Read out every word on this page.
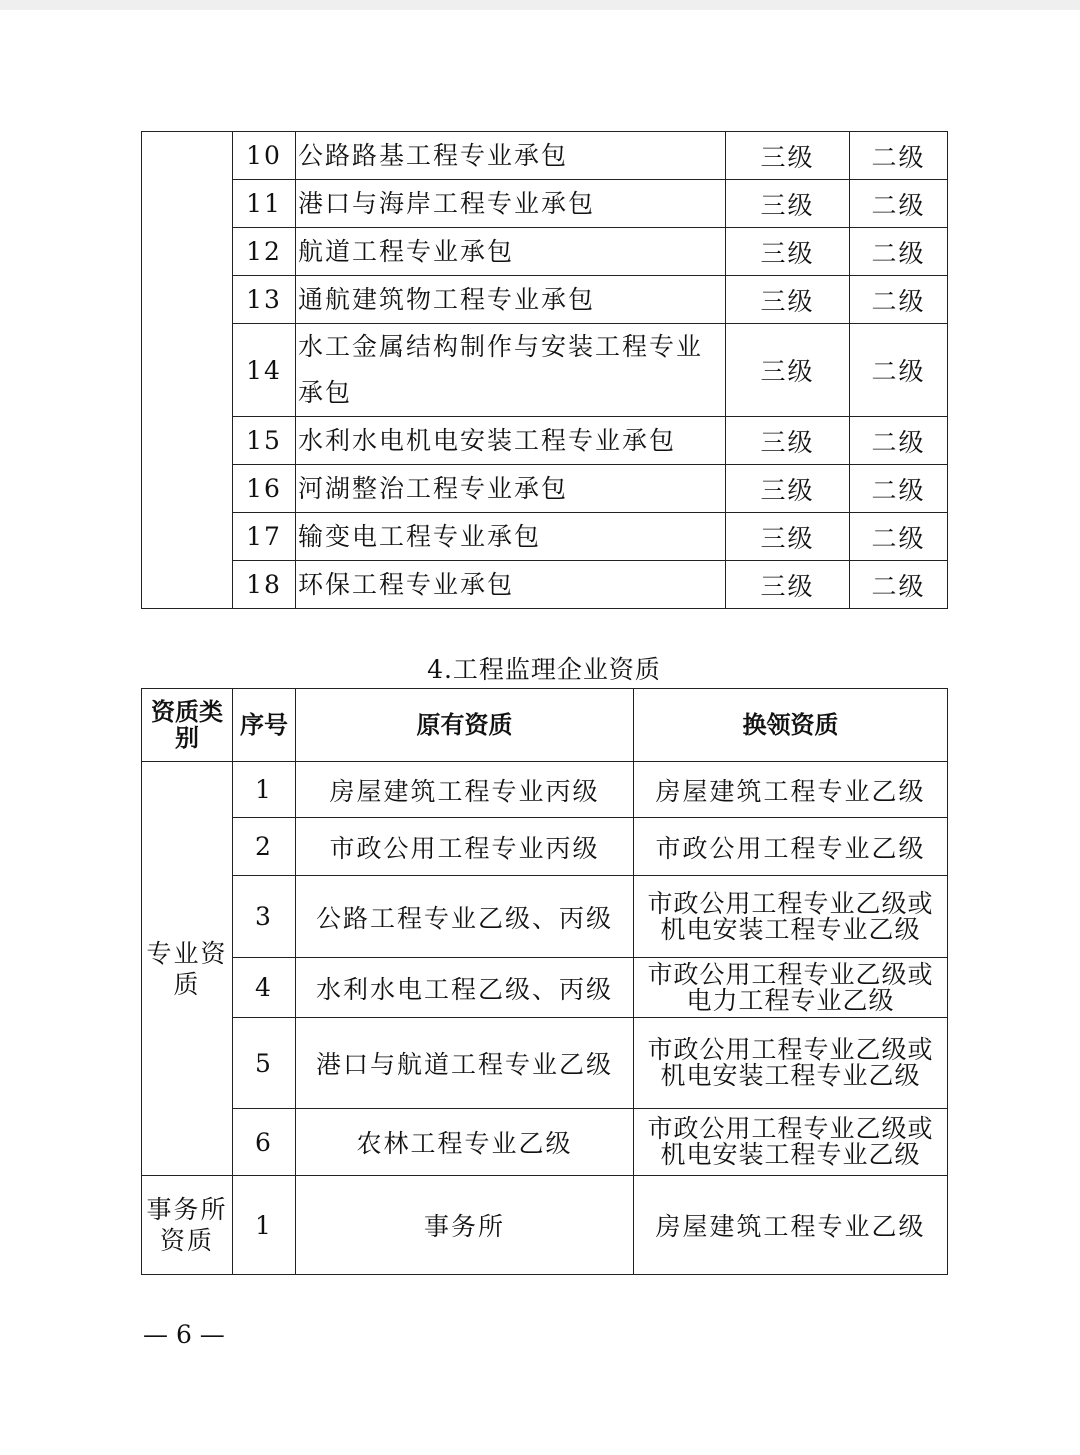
	10	公路路基工程专业承包	三级	二级
	11	港口与海岸工程专业承包	三级	二级
	12	航道工程专业承包	三级	二级
	13	通航建筑物工程专业承包	三级	二级
	14	水工金属结构制作与安装工程专业承包	三级	二级
	15	水利水电机电安装工程专业承包	三级	二级
	16	河湖整治工程专业承包	三级	二级
	17	输变电工程专业承包	三级	二级
	18	环保工程专业承包	三级	二级
4.工程监理企业资质
资质类别	序号	原有资质	换领资质
专业资质	1	房屋建筑工程专业丙级	房屋建筑工程专业乙级
	2	市政公用工程专业丙级	市政公用工程专业乙级
	3	公路工程专业乙级、丙级	市政公用工程专业乙级或
机电安装工程专业乙级

	4	水利水电工程乙级、丙级	市政公用工程专业乙级或
电力工程专业乙级

	5	港口与航道工程专业乙级	市政公用工程专业乙级或
机电安装工程专业乙级

	6	农林工程专业乙级	市政公用工程专业乙级或
机电安装工程专业乙级

事务所资质	1	事务所	房屋建筑工程专业乙级
— 6 —
